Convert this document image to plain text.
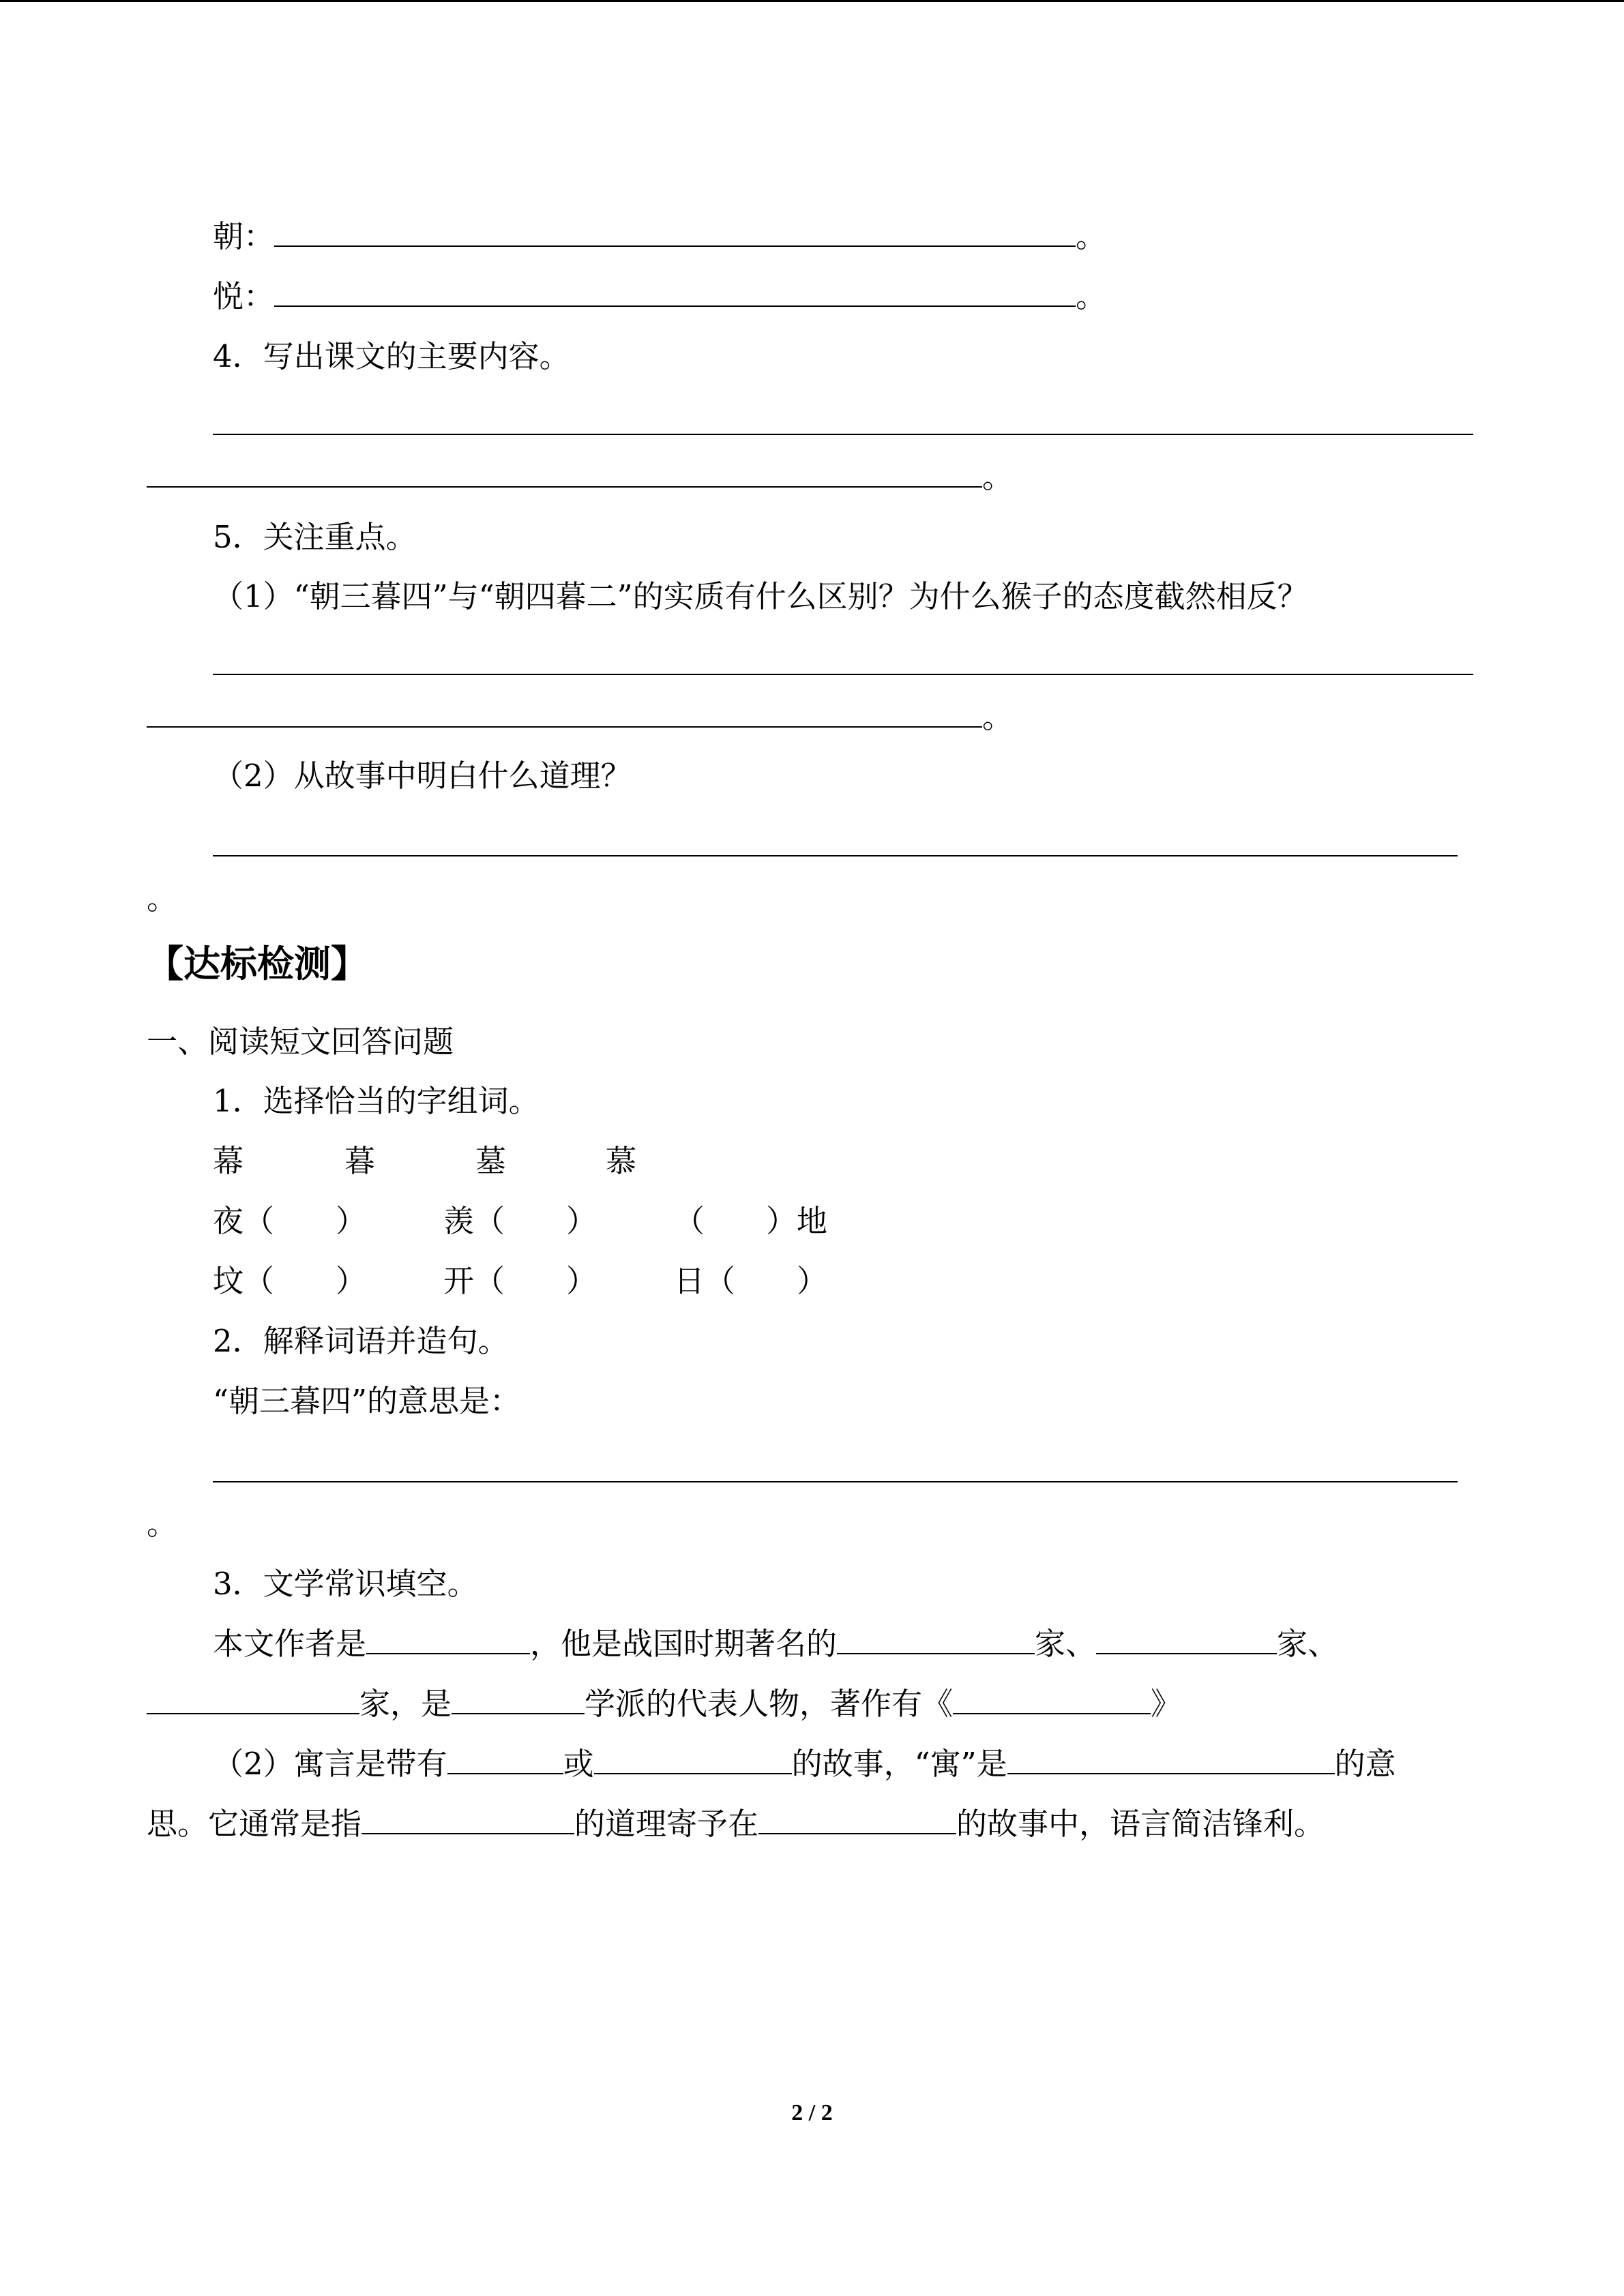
朝：	。
悦：	。
4．写出课文的主要内容。
。
5．关注重点。
（1）“朝三暮四”与“朝四暮二”的实质有什么区别？为什么猴子的态度截然相反？
。
（2）从故事中明白什么道理？
。
【达标检测】
一、阅读短文回答问题
1．选择恰当的字组词。
幕	暮	墓	慕
夜（　　）	羡（　　）	（　　）地
坟（　　）	开（　　）	日（　　）
2．解释词语并造句。
“朝三暮四”的意思是：
。
3．文学常识填空。
本文作者是	，他是战国时期著名的	家、	家、
家，是	学派的代表人物，著作有《	》
（2）寓言是带有	或	的故事，“寓”是	的意
思。它通常是指	的道理寄予在	的故事中，语言简洁锋利。
2 / 2
